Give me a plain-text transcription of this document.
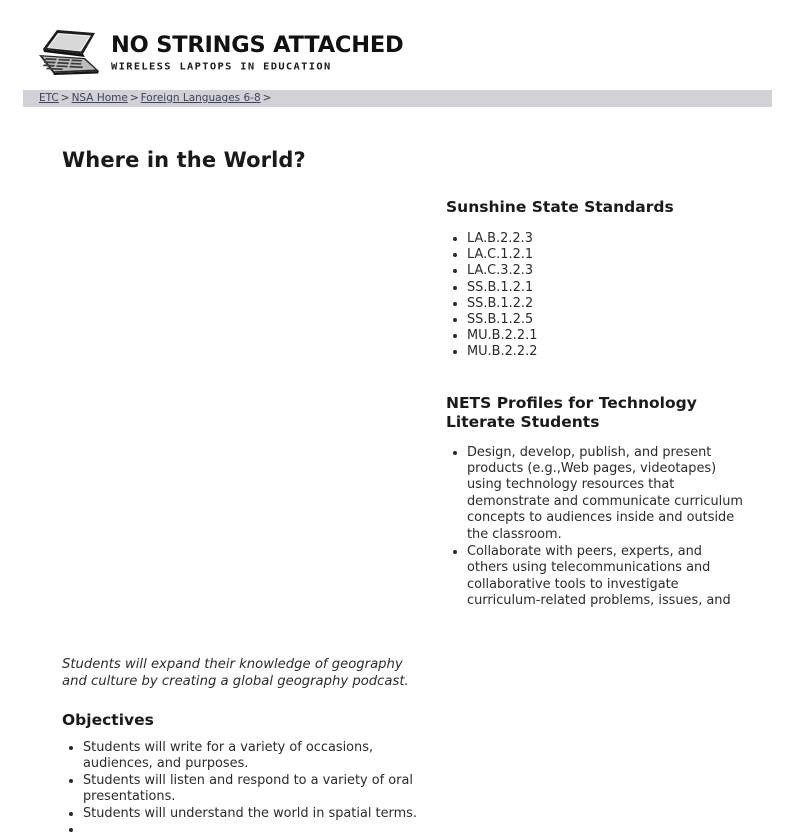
NO STRINGS ATTACHED
WIRELESS LAPTOPS IN EDUCATION
ETC > NSA Home > Foreign Languages 6-8 >
Where in the World?

Students will expand their knowledge of geography and culture by creating a global geography podcast.

Objectives
Students will write for a variety of occasions, audiences, and purposes.
Students will listen and respond to a variety of oral presentations.
Students will understand the world in spatial terms.
Sunshine State Standards
LA.B.2.2.3
LA.C.1.2.1
LA.C.3.2.3
SS.B.1.2.1
SS.B.1.2.2
SS.B.1.2.5
MU.B.2.2.1
MU.B.2.2.2
NETS Profiles for Technology Literate Students
Design, develop, publish, and present products (e.g.,Web pages, videotapes) using technology resources that demonstrate and communicate curriculum concepts to audiences inside and outside the classroom.
Collaborate with peers, experts, and others using telecommunications and collaborative tools to investigate curriculum-related problems, issues, and
